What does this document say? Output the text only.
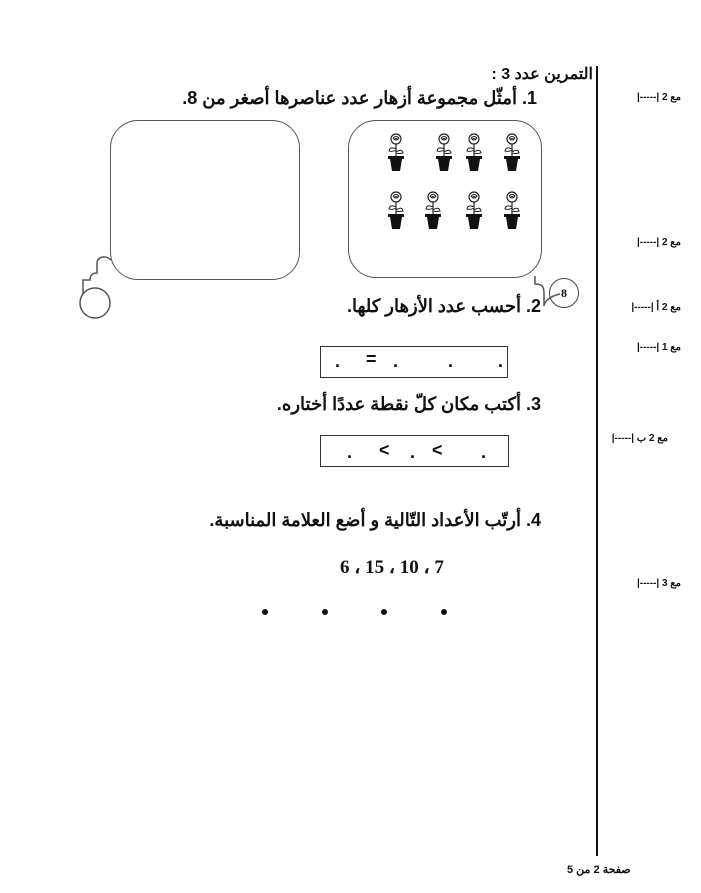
التمرين عدد 3 :
1. أمثّل مجموعة أزهار عدد عناصرها أصغر من 8.
8
2. أحسب عدد الأزهار كلها.
. = .	. .
3. أكتب مكان كلّ نقطة عددًا أختاره.
. < . < .
4. أرتّب الأعداد التّالية و أضع العلامة المناسبة.
7 ، 10 ، 15 ، 6
مع 2 |-----|
مع 2 |-----|
مع 2 أ |-----|
مع 1 |-----|
مع 2 ب |-----|
مع 3 |-----|
صفحة 2 من 5
